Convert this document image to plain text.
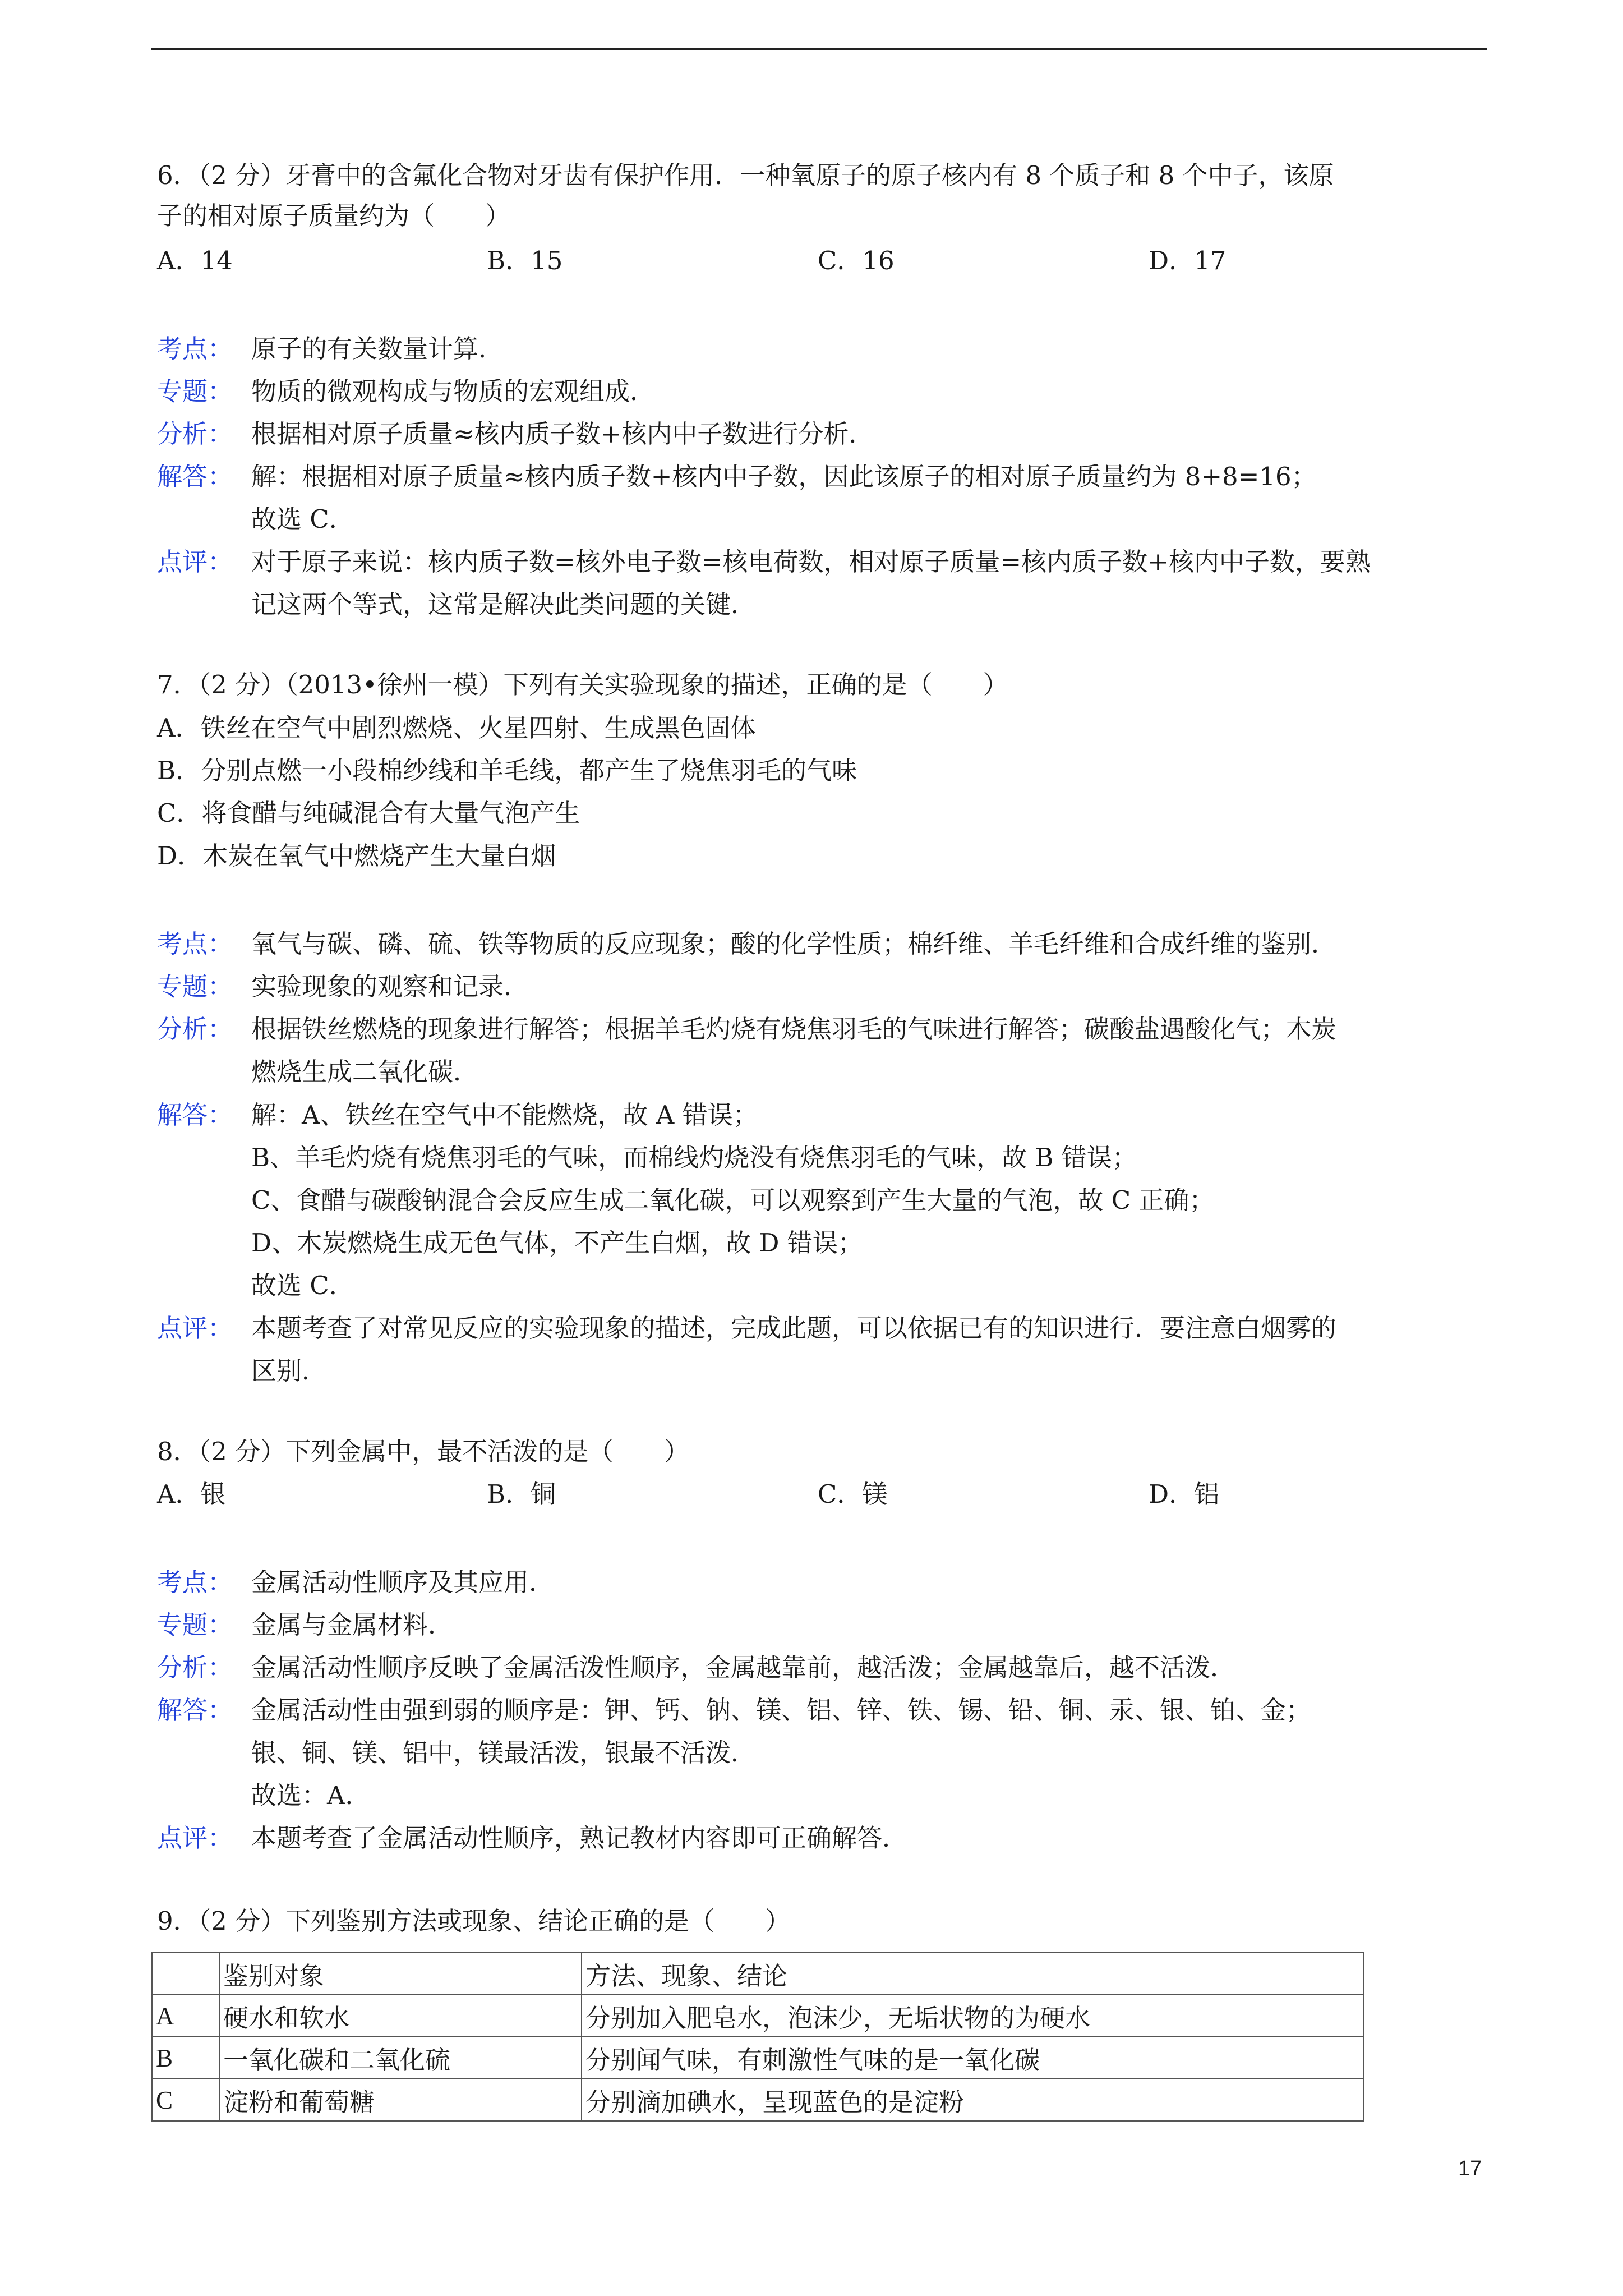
6．（2 分）牙膏中的含氟化合物对牙齿有保护作用．一种氧原子的原子核内有 8 个质子和 8 个中子，该原
子的相对原子质量约为（　　）
A．14	B．15	C．16	D．17
考点： 原子的有关数量计算．
专题： 物质的微观构成与物质的宏观组成．
分析： 根据相对原子质量≈核内质子数+核内中子数进行分析．
解答： 解：根据相对原子质量≈核内质子数+核内中子数，因此该原子的相对原子质量约为 8+8=16；
故选 C．
点评： 对于原子来说：核内质子数=核外电子数=核电荷数，相对原子质量=核内质子数+核内中子数，要熟
记这两个等式，这常是解决此类问题的关键．
7．（2 分）（2013•徐州一模）下列有关实验现象的描述，正确的是（　　）
A．铁丝在空气中剧烈燃烧、火星四射、生成黑色固体
B．分别点燃一小段棉纱线和羊毛线，都产生了烧焦羽毛的气味
C．将食醋与纯碱混合有大量气泡产生
D．木炭在氧气中燃烧产生大量白烟
考点： 氧气与碳、磷、硫、铁等物质的反应现象；酸的化学性质；棉纤维、羊毛纤维和合成纤维的鉴别．
专题： 实验现象的观察和记录．
分析： 根据铁丝燃烧的现象进行解答；根据羊毛灼烧有烧焦羽毛的气味进行解答；碳酸盐遇酸化气；木炭
燃烧生成二氧化碳．
解答： 解：A、铁丝在空气中不能燃烧，故 A 错误；
B、羊毛灼烧有烧焦羽毛的气味，而棉线灼烧没有烧焦羽毛的气味，故 B 错误；
C、食醋与碳酸钠混合会反应生成二氧化碳，可以观察到产生大量的气泡，故 C 正确；
D、木炭燃烧生成无色气体，不产生白烟，故 D 错误；
故选 C．
点评： 本题考查了对常见反应的实验现象的描述，完成此题，可以依据已有的知识进行．要注意白烟雾的
区别．
8．（2 分）下列金属中，最不活泼的是（　　）
A．银	B．铜	C．镁	D．铝
考点： 金属活动性顺序及其应用．
专题： 金属与金属材料．
分析： 金属活动性顺序反映了金属活泼性顺序，金属越靠前，越活泼；金属越靠后，越不活泼．
解答： 金属活动性由强到弱的顺序是：钾、钙、钠、镁、铝、锌、铁、锡、铅、铜、汞、银、铂、金；
银、铜、镁、铝中，镁最活泼，银最不活泼．
故选：A．
点评： 本题考查了金属活动性顺序，熟记教材内容即可正确解答．
9．（2 分）下列鉴别方法或现象、结论正确的是（　　）
	鉴别对象	方法、现象、结论
A	硬水和软水	分别加入肥皂水，泡沫少，无垢状物的为硬水
B	一氧化碳和二氧化硫	分别闻气味，有刺激性气味的是一氧化碳
C	淀粉和葡萄糖	分别滴加碘水，呈现蓝色的是淀粉
17
